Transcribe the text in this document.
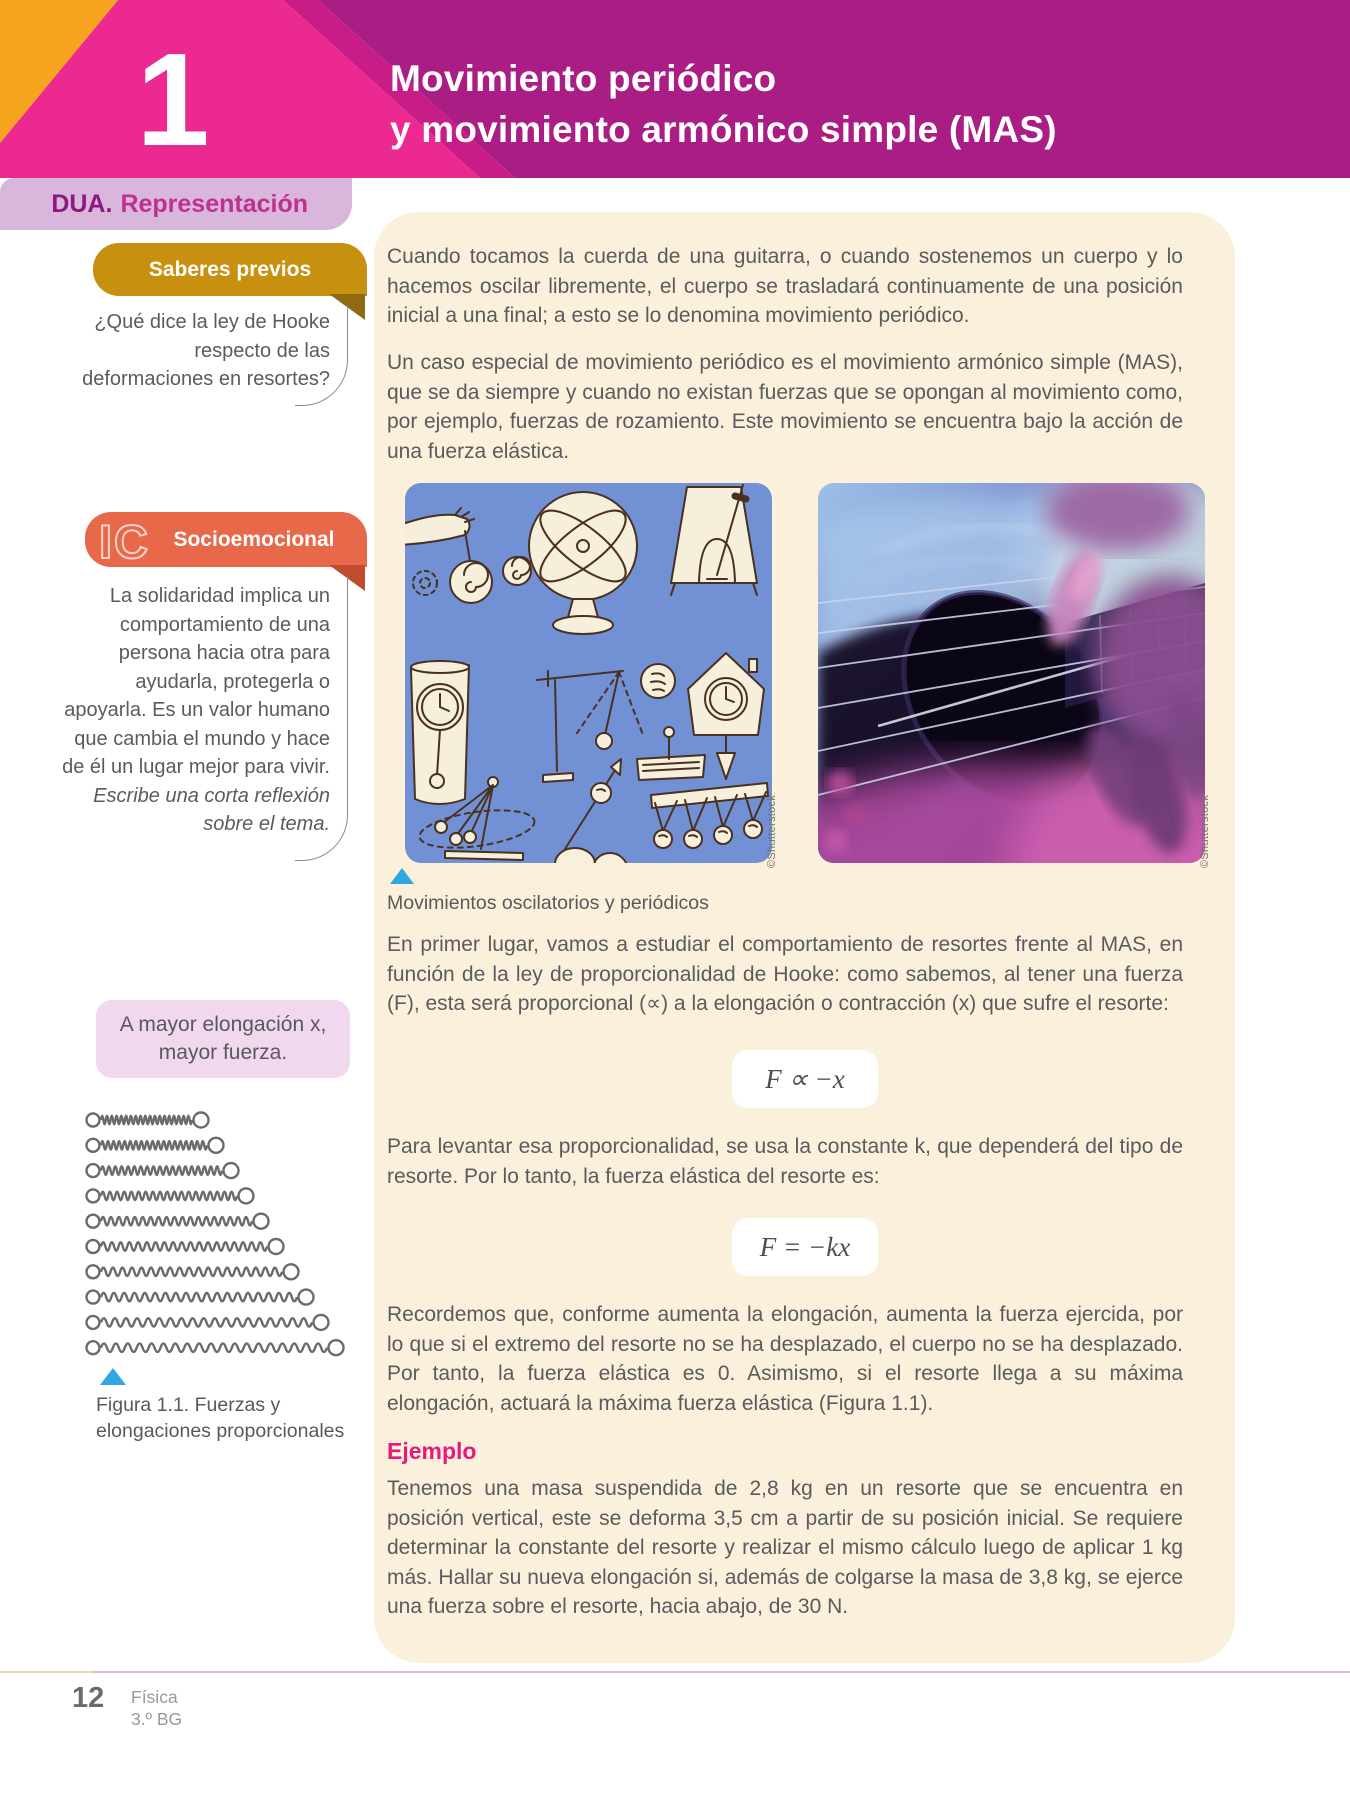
1	Movimiento periódico
y movimiento armónico simple (MAS)
DUA. Representación
Saberes previos
¿Qué dice la ley de Hooke respecto de las deformaciones en resortes?
IC Socioemocional
La solidaridad implica un comportamiento de una persona hacia otra para ayudarla, protegerla o apoyarla. Es un valor humano que cambia el mundo y hace de él un lugar mejor para vivir.
Escribe una corta reflexión sobre el tema.
A mayor elongación x, mayor fuerza.
Figura 1.1. Fuerzas y
elongaciones proporcionales
Cuando tocamos la cuerda de una guitarra, o cuando sostenemos un cuerpo y lo hacemos oscilar libremente, el cuerpo se trasladará continuamente de una posición inicial a una final; a esto se lo denomina movimiento periódico.
Un caso especial de movimiento periódico es el movimiento armónico simple (MAS), que se da siempre y cuando no existan fuerzas que se opongan al movimiento como, por ejemplo, fuerzas de rozamiento. Este movimiento se encuentra bajo la acción de una fuerza elástica.
©Shutterstock	©Shutterstock
Movimientos oscilatorios y periódicos
En primer lugar, vamos a estudiar el comportamiento de resortes frente al MAS, en función de la ley de proporcionalidad de Hooke: como sabemos, al tener una fuerza (F), esta será proporcional (∝) a la elongación o contracción (x) que sufre el resorte:
F ∝ −x
Para levantar esa proporcionalidad, se usa la constante k, que dependerá del tipo de resorte. Por lo tanto, la fuerza elástica del resorte es:
F = −kx
Recordemos que, conforme aumenta la elongación, aumenta la fuerza ejercida, por lo que si el extremo del resorte no se ha desplazado, el cuerpo no se ha desplazado. Por tanto, la fuerza elástica es 0. Asimismo, si el resorte llega a su máxima elongación, actuará la máxima fuerza elástica (Figura 1.1).
Ejemplo
Tenemos una masa suspendida de 2,8 kg en un resorte que se encuentra en posición vertical, este se deforma 3,5 cm a partir de su posición inicial. Se requiere determinar la constante del resorte y realizar el mismo cálculo luego de aplicar 1 kg más. Hallar su nueva elongación si, además de colgarse la masa de 3,8 kg, se ejerce una fuerza sobre el resorte, hacia abajo, de 30 N.
12 Física
3.º BG
